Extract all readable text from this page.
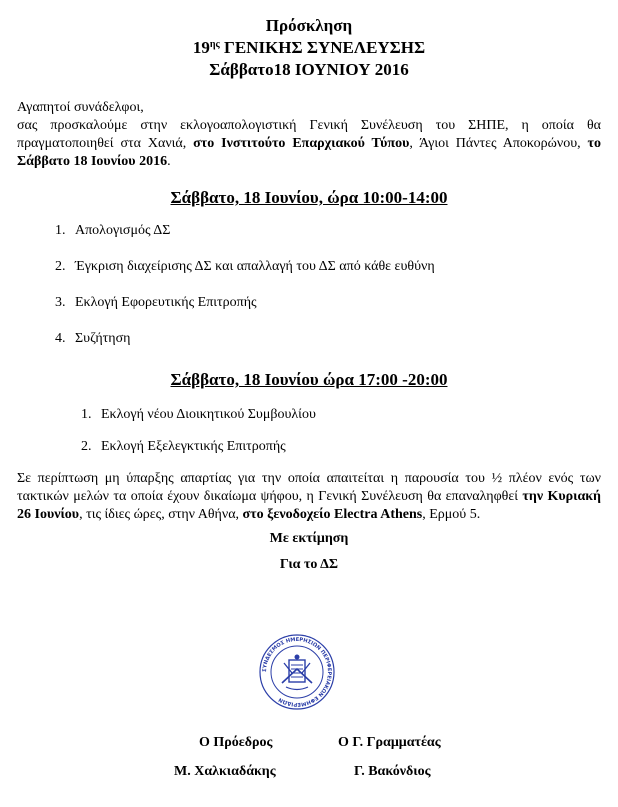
Πρόσκληση
$19^{\eta\varsigma}$ ΓΕΝΙΚΗΣ ΣΥΝΕΛΕΥΣΗΣ
Σάββατο18 ΙΟΥΝΙΟΥ 2016
Αγαπητοί συνάδελφοι,
σας προσκαλούμε στην εκλογοαπολογιστική Γενική Συνέλευση του ΣΗΠΕ, η οποία θα πραγματοποιηθεί στα Χανιά, στο Ινστιτούτο Επαρχιακού Τύπου, Άγιοι Πάντες Αποκορώνου, το Σάββατο 18 Ιουνίου 2016.
Σάββατο, 18 Ιουνίου, ώρα 10:00-14:00
1. Απολογισμός ΔΣ
2. Έγκριση διαχείρισης ΔΣ και απαλλαγή του ΔΣ από κάθε ευθύνη
3. Εκλογή Εφορευτικής Επιτροπής
4. Συζήτηση
Σάββατο, 18 Ιουνίου ώρα 17:00 -20:00
1. Εκλογή νέου Διοικητικού Συμβουλίου
2. Εκλογή Εξελεγκτικής Επιτροπής
Σε περίπτωση μη ύπαρξης απαρτίας για την οποία απαιτείται η παρουσία του ½ πλέον ενός των τακτικών μελών τα οποία έχουν δικαίωμα ψήφου, η Γενική Συνέλευση θα επαναληφθεί την Κυριακή 26 Ιουνίου, τις ίδιες ώρες, στην Αθήνα, στο ξενοδοχείο Electra Athens, Ερμού 5.
Με εκτίμηση
Για το ΔΣ
ΣΥΝΔΕΣΜΟΣ ΗΜΕΡΗΣΙΩΝ ΠΕΡΙΦΕΡΕΙΑΚΩΝ ΕΦΗΜΕΡΙΔΩΝ
Ο Πρόεδρος	Ο Γ. Γραμματέας
Μ. Χαλκιαδάκης	Γ. Βακόνδιος
